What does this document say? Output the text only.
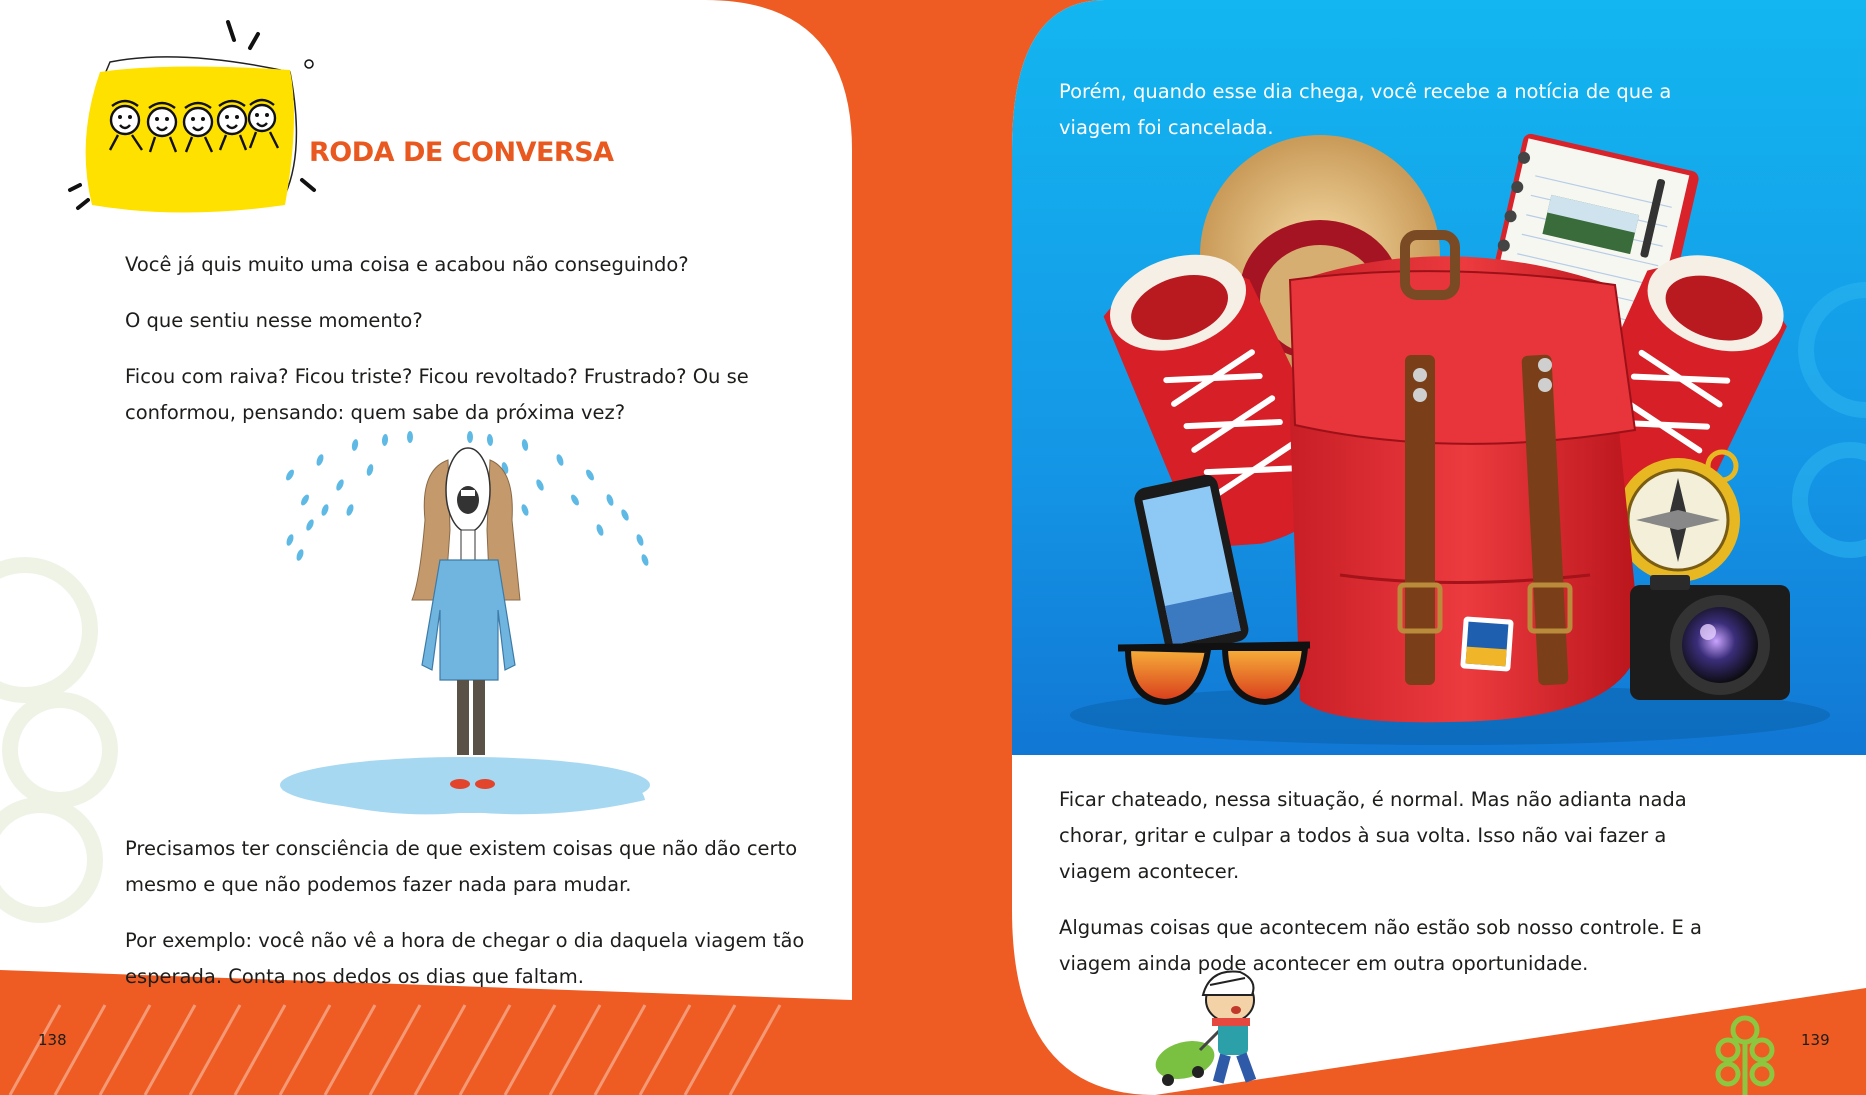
RODA DE CONVERSA

Você já quis muito uma coisa e acabou não conseguindo?

O que sentiu nesse momento?

Ficou com raiva? Ficou triste? Ficou revoltado? Frustrado? Ou se

conformou, pensando: quem sabe da próxima vez?

Precisamos ter consciência de que existem coisas que não dão certo

mesmo e que não podemos fazer nada para mudar.

Por exemplo: você não vê a hora de chegar o dia daquela viagem tão

esperada. Conta nos dedos os dias que faltam.

138

Porém, quando esse dia chega, você recebe a notícia de que a

viagem foi cancelada.

Ficar chateado, nessa situação, é normal. Mas não adianta nada

chorar, gritar e culpar a todos à sua volta. Isso não vai fazer a

viagem acontecer.

Algumas coisas que acontecem não estão sob nosso controle. E a

viagem ainda pode acontecer em outra oportunidade.

139
